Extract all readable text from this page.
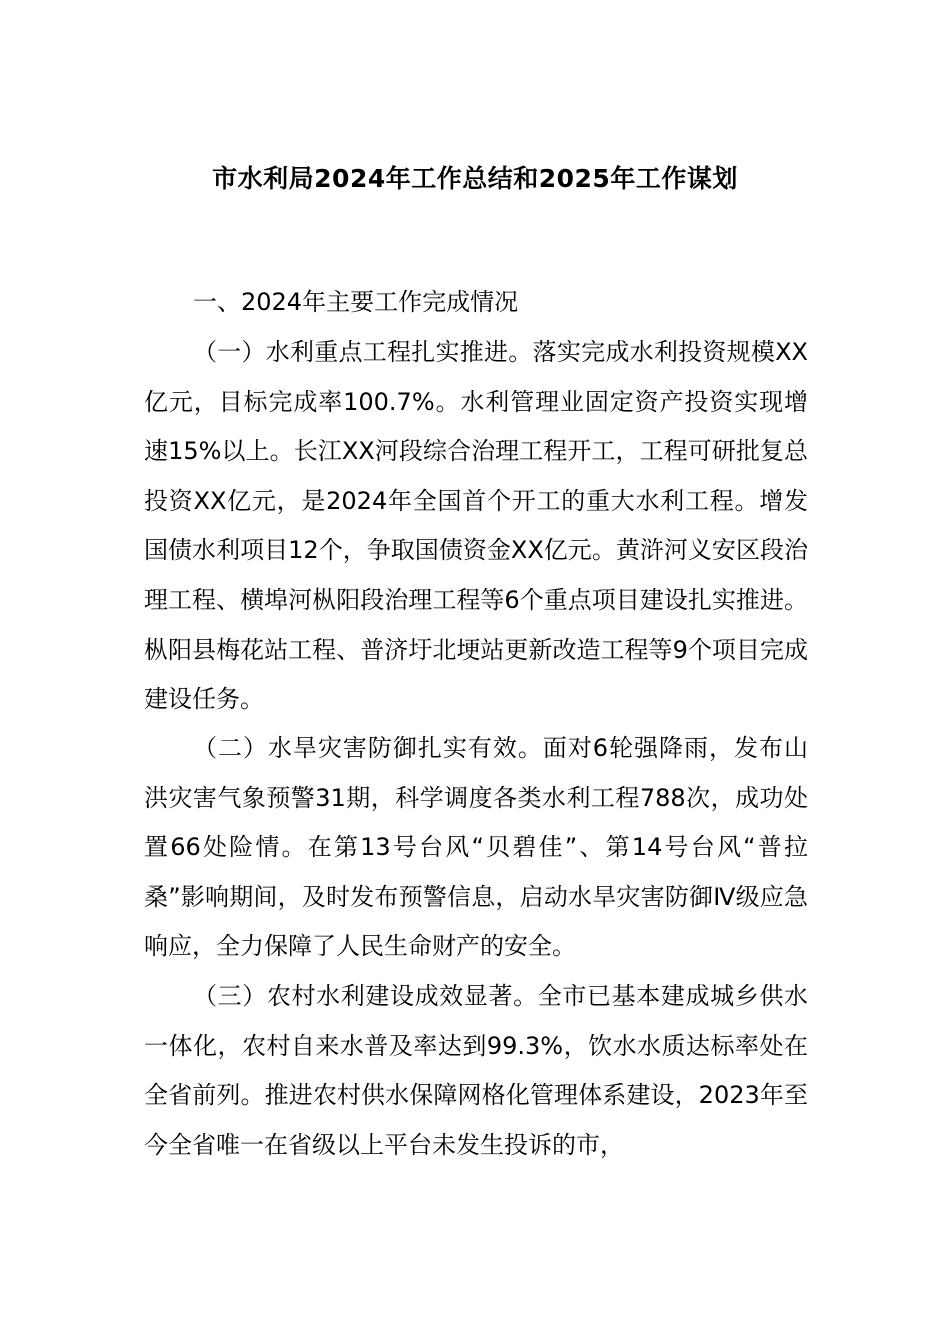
市水利局2024年工作总结和2025年工作谋划
一、2024年主要工作完成情况

（一）水利重点工程扎实推进。落实完成水利投资规模XX亿元，目标完成率100.7%。水利管理业固定资产投资实现增速15%以上。长江XX河段综合治理工程开工，工程可研批复总投资XX亿元，是2024年全国首个开工的重大水利工程。增发国债水利项目12个，争取国债资金XX亿元。黄浒河义安区段治理工程、横埠河枞阳段治理工程等6个重点项目建设扎实推进。枞阳县梅花站工程、普济圩北埂站更新改造工程等9个项目完成建设任务。

（二）水旱灾害防御扎实有效。面对6轮强降雨，发布山洪灾害气象预警31期，科学调度各类水利工程788次，成功处置66处险情。在第13号台风“贝碧佳”、第14号台风“普拉桑”影响期间，及时发布预警信息，启动水旱灾害防御Ⅳ级应急响应，全力保障了人民生命财产的安全。

（三）农村水利建设成效显著。全市已基本建成城乡供水一体化，农村自来水普及率达到99.3%，饮水水质达标率处在全省前列。推进农村供水保障网格化管理体系建设，2023年至今全省唯一在省级以上平台未发生投诉的市，
